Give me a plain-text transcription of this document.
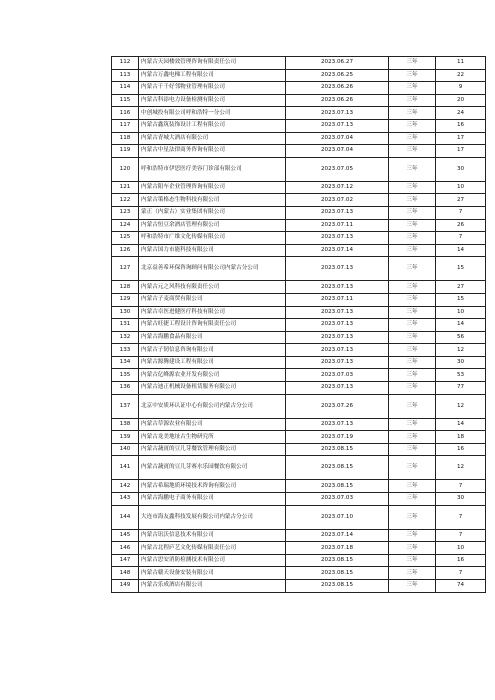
112	内蒙古天园楼效管理咨询有限责任公司	2023.06.27	三年	11
113	内蒙古万鑫电梯工程有限公司	2023.06.25	三年	22
114	内蒙古千千好邻物业管理有限公司	2023.06.26	三年	9
115	内蒙古科添电力设备检测有限公司	2023.06.26	三年	20
116	中创城投有限公司呼和浩特一分公司	2023.07.13	三年	24
117	内蒙古鑫筑装饰设计工程有限公司	2023.07.13	三年	16
118	内蒙古青城大酒店有限公司	2023.07.04	三年	17
119	内蒙古中星法律商务咨询有限公司	2023.07.04	三年	17
120	呼和浩特市伊思医疗美容门诊部有限公司	2023.07.05	三年	30
121	内蒙古阳车企业管理咨询有限公司	2023.07.12	三年	10
122	内蒙古策格态生物科技有限公司	2023.07.02	三年	27
123	蒙正（内蒙古）实业集团有限公司	2023.07.13	三年	7
124	内蒙古恒豆余酒店管理有限公司	2023.07.11	三年	26
125	呼和浩特市广维文化传媒有限公司	2023.07.13	三年	7
126	内蒙古国力市能科技有限公司	2023.07.14	三年	14
127	北京益善希环保咨询顾问有限公司内蒙古分公司	2023.07.13	三年	15
128	内蒙古元之风科技有限责任公司	2023.07.13	三年	27
129	内蒙古子麦商贸有限公司	2023.07.11	三年	15
130	内蒙古卓医进健医疗科技有限公司	2023.07.13	三年	10
131	内蒙古旺捷工程设计咨询有限责任公司	2023.07.13	三年	14
132	内蒙古海鹏食品有限公司	2023.07.13	三年	56
133	内蒙古子韧信息咨询有限公司	2023.07.13	三年	12
134	内蒙古源腾建设工程有限公司	2023.07.13	三年	30
135	内蒙古亿峰源农业开发有限公司	2023.07.03	三年	53
136	内蒙古迪正机械设备租赁服务有限公司	2023.07.13	三年	77
137	北京中安质环认证中心有限公司内蒙古分公司	2023.07.26	三年	12
138	内蒙古草源农业有限公司	2023.07.13	三年	14
139	内蒙古龙美地址古生物研究所	2023.07.19	三年	18
140	内蒙古蔬賓的豆儿芽餐饮管理有限公司	2023.08.15	三年	16
141	内蒙古蔬賓的豆儿芽赛水乐园餐饮有限公司	2023.08.15	三年	12
142	内蒙古希瑞地质环境技术咨询有限公司	2023.08.15	三年	7
143	内蒙古海鹏电子商务有限公司	2023.07.03	三年	30
144	大连市海友鑫科技发展有限公司内蒙古分公司	2023.07.10	三年	7
145	内蒙古讯沃信息技术有限公司	2023.07.14	三年	7
146	内蒙古北程庐艺文化传媒有限责任公司	2023.07.18	三年	10
147	内蒙古思安消防检测技术有限公司	2023.08.15	三年	16
148	内蒙古赣天设备安装有限公司	2023.08.15	三年	7
149	内蒙古乐成酒店有限公司	2023.08.15	三年	74
